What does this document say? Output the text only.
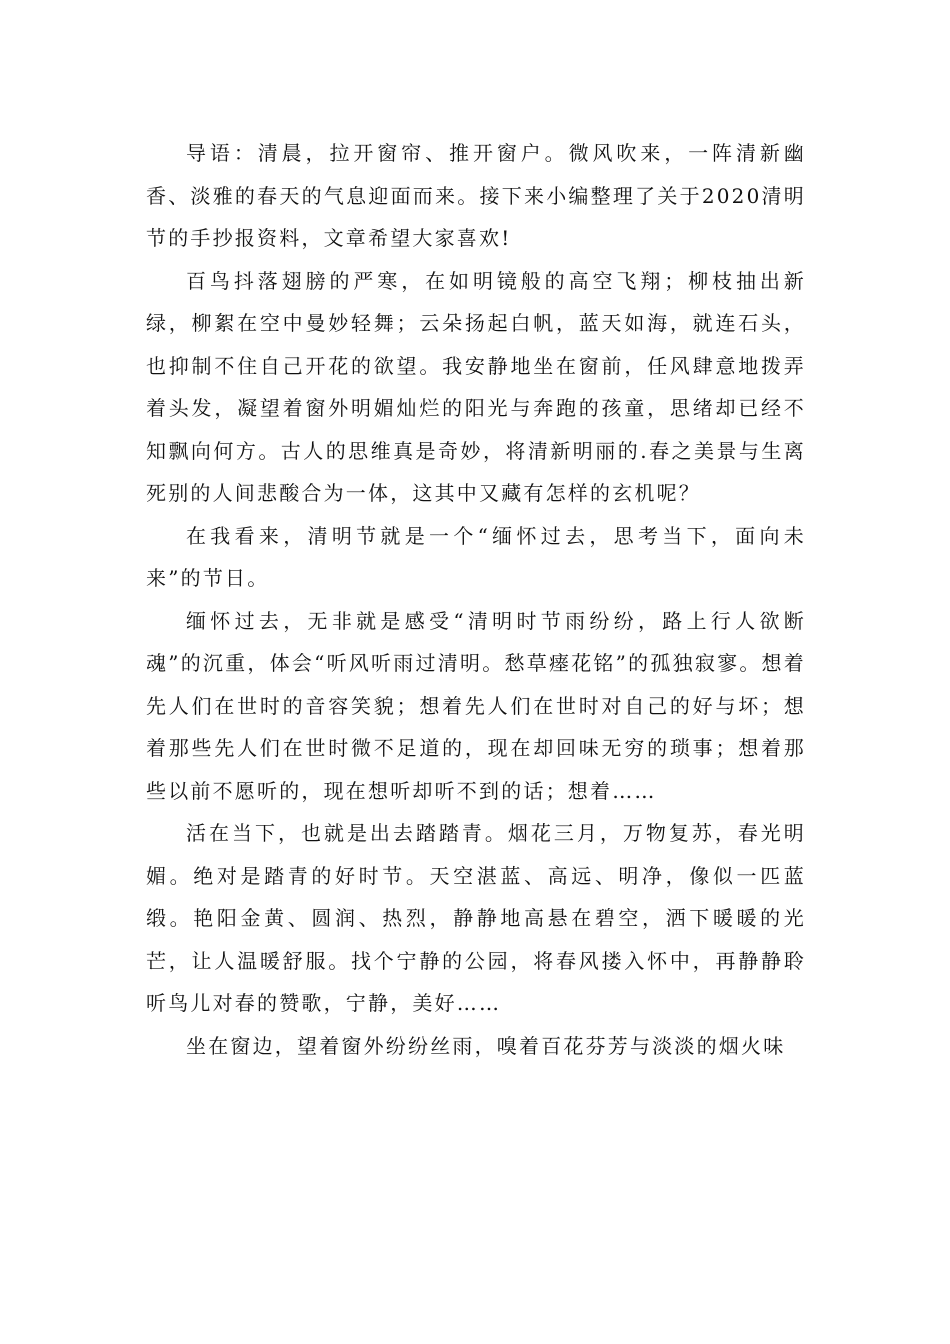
导语：清晨，拉开窗帘、推开窗户。微风吹来，一阵清新幽香、淡雅的春天的气息迎面而来。接下来小编整理了关于2020清明节的手抄报资料，文章希望大家喜欢!

百鸟抖落翅膀的严寒，在如明镜般的高空飞翔；柳枝抽出新绿，柳絮在空中曼妙轻舞；云朵扬起白帆，蓝天如海，就连石头，也抑制不住自己开花的欲望。我安静地坐在窗前，任风肆意地拨弄着头发，凝望着窗外明媚灿烂的阳光与奔跑的孩童，思绪却已经不知飘向何方。古人的思维真是奇妙，将清新明丽的.春之美景与生离死别的人间悲酸合为一体，这其中又藏有怎样的玄机呢？

在我看来，清明节就是一个“缅怀过去，思考当下，面向未来”的节日。

缅怀过去，无非就是感受“清明时节雨纷纷，路上行人欲断魂”的沉重，体会“听风听雨过清明。愁草瘗花铭”的孤独寂寥。想着先人们在世时的音容笑貌；想着先人们在世时对自己的好与坏；想着那些先人们在世时微不足道的，现在却回味无穷的琐事；想着那些以前不愿听的，现在想听却听不到的话；想着……

活在当下，也就是出去踏踏青。烟花三月，万物复苏，春光明媚。绝对是踏青的好时节。天空湛蓝、高远、明净，像似一匹蓝缎。艳阳金黄、圆润、热烈，静静地高悬在碧空，洒下暖暖的光芒，让人温暖舒服。找个宁静的公园，将春风搂入怀中，再静静聆听鸟儿对春的赞歌，宁静，美好……

坐在窗边，望着窗外纷纷丝雨，嗅着百花芬芳与淡淡的烟火味
